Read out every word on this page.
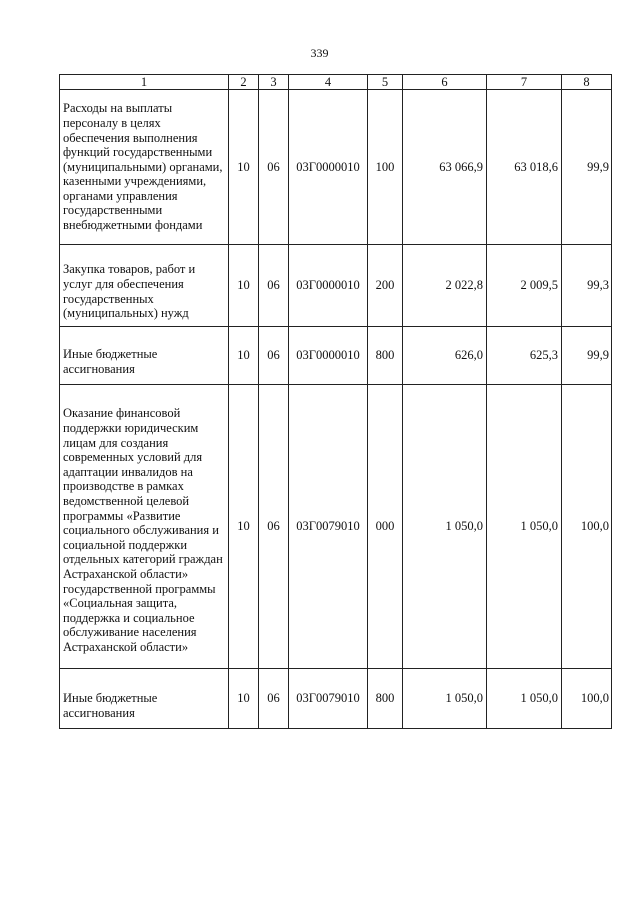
339
1	2	3	4	5	6	7	8
Расходы на выплаты персоналу в целях обеспечения выполнения функций государственными (муниципальными) органами, казенными учреждениями, органами управления государственными внебюджетными фондами	10	06	03Г0000010	100	63 066,9	63 018,6	99,9
Закупка товаров, работ и услуг для обеспечения государственных (муниципальных) нужд	10	06	03Г0000010	200	2 022,8	2 009,5	99,3
Иные бюджетные ассигнования	10	06	03Г0000010	800	626,0	625,3	99,9
Оказание финансовой поддержки юридическим лицам для создания современных условий для адаптации инвалидов на производстве в рамках ведомственной целевой программы «Развитие социального обслуживания и социальной поддержки отдельных категорий граждан Астраханской области» государственной программы «Социальная защита, поддержка и социальное обслуживание населения Астраханской области»	10	06	03Г0079010	000	1 050,0	1 050,0	100,0
Иные бюджетные ассигнования	10	06	03Г0079010	800	1 050,0	1 050,0	100,0
